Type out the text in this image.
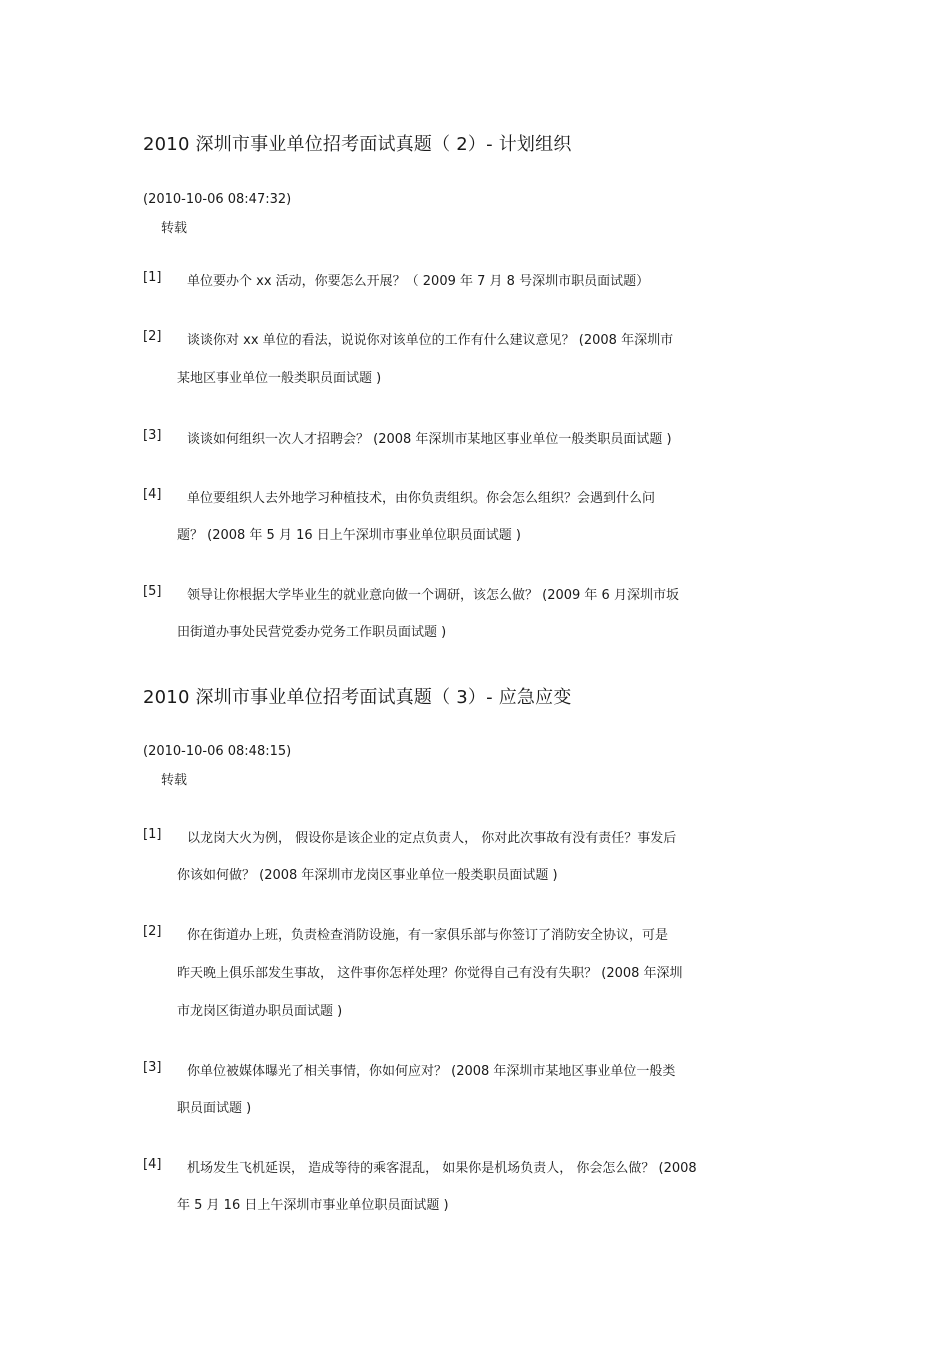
2010 深圳市事业单位招考面试真题（ 2）- 计划组织
(2010-10-06 08:47:32)
转载
[1] 单位要办个 xx 活动，你要怎么开展？（ 2009 年 7 月 8 号深圳市职员面试题）
[2] 谈谈你对 xx 单位的看法，说说你对该单位的工作有什么建议意见？ (2008 年深圳市
某地区事业单位一般类职员面试题 )
[3] 谈谈如何组织一次人才招聘会？ (2008 年深圳市某地区事业单位一般类职员面试题 )
[4] 单位要组织人去外地学习种植技术，由你负责组织。你会怎么组织？会遇到什么问
题？ (2008 年 5 月 16 日上午深圳市事业单位职员面试题 )
[5] 领导让你根据大学毕业生的就业意向做一个调研，该怎么做？ (2009 年 6 月深圳市坂
田街道办事处民营党委办党务工作职员面试题 )
2010 深圳市事业单位招考面试真题（ 3）- 应急应变
(2010-10-06 08:48:15)
转载
[1] 以龙岗大火为例， 假设你是该企业的定点负责人， 你对此次事故有没有责任？事发后
你该如何做？ (2008 年深圳市龙岗区事业单位一般类职员面试题 )
[2] 你在街道办上班，负责检查消防设施，有一家俱乐部与你签订了消防安全协议，可是
昨天晚上俱乐部发生事故， 这件事你怎样处理？你觉得自己有没有失职？ (2008 年深圳
市龙岗区街道办职员面试题 )
[3] 你单位被媒体曝光了相关事情，你如何应对？ (2008 年深圳市某地区事业单位一般类
职员面试题 )
[4] 机场发生飞机延误， 造成等待的乘客混乱， 如果你是机场负责人， 你会怎么做？ (2008
年 5 月 16 日上午深圳市事业单位职员面试题 )
